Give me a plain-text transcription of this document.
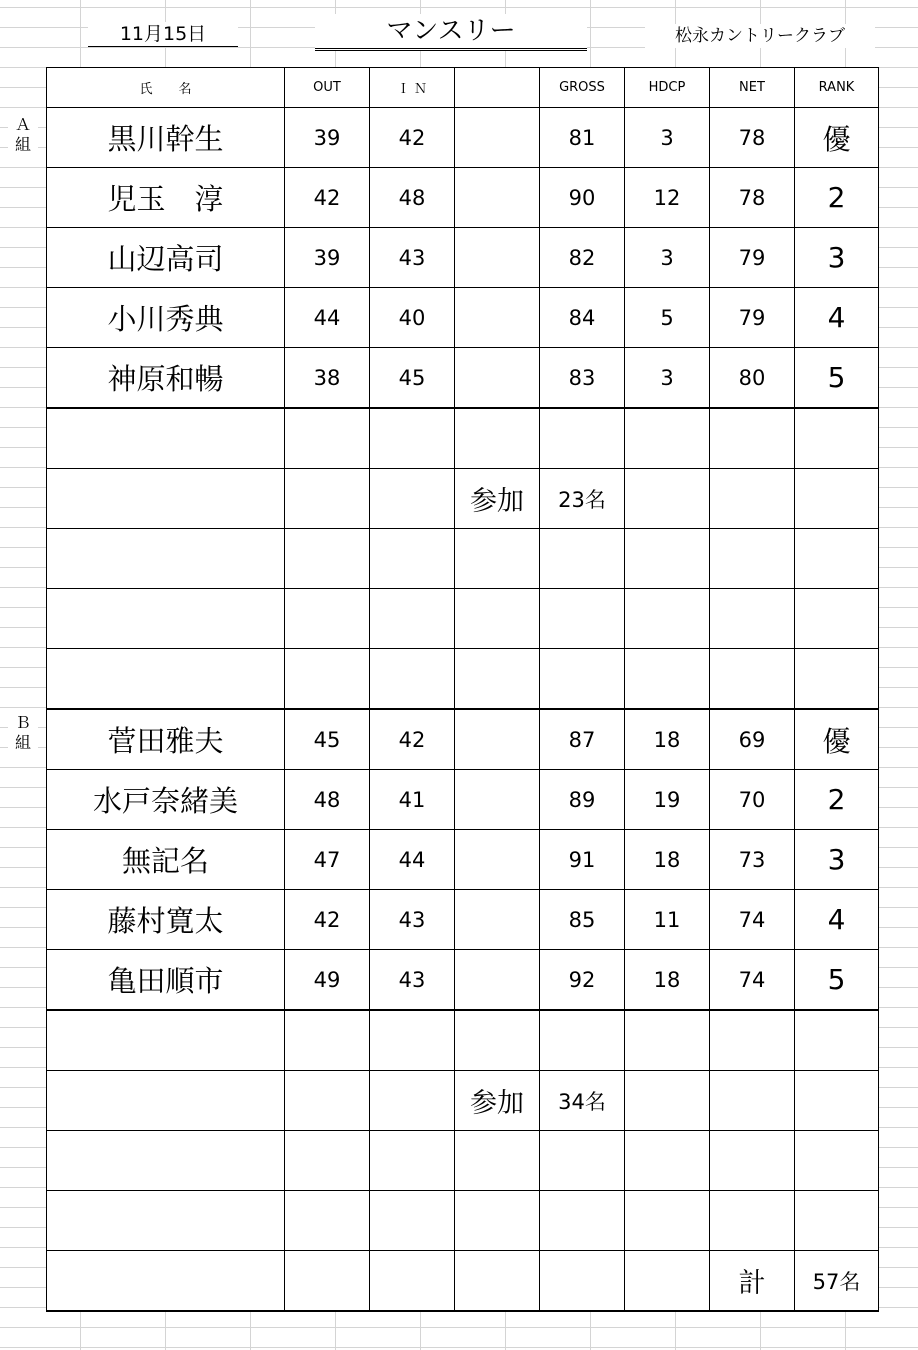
11月15日	マンスリー	松永カントリークラブ
Ａ
組
Ｂ
組
氏　　名	OUT	Ｉ Ｎ		GROSS	HDCP	NET	RANK
黒川幹生	39	42		81	3	78	優
児玉　淳	42	48		90	12	78	2
山辺高司	39	43		82	3	79	3
小川秀典	44	40		84	5	79	4
神原和暢	38	45		83	3	80	5

			参加	23名			

菅田雅夫	45	42		87	18	69	優
水戸奈緒美	48	41		89	19	70	2
無記名	47	44		91	18	73	3
藤村寛太	42	43		85	11	74	4
亀田順市	49	43		92	18	74	5

			参加	34名			

						計	57名
